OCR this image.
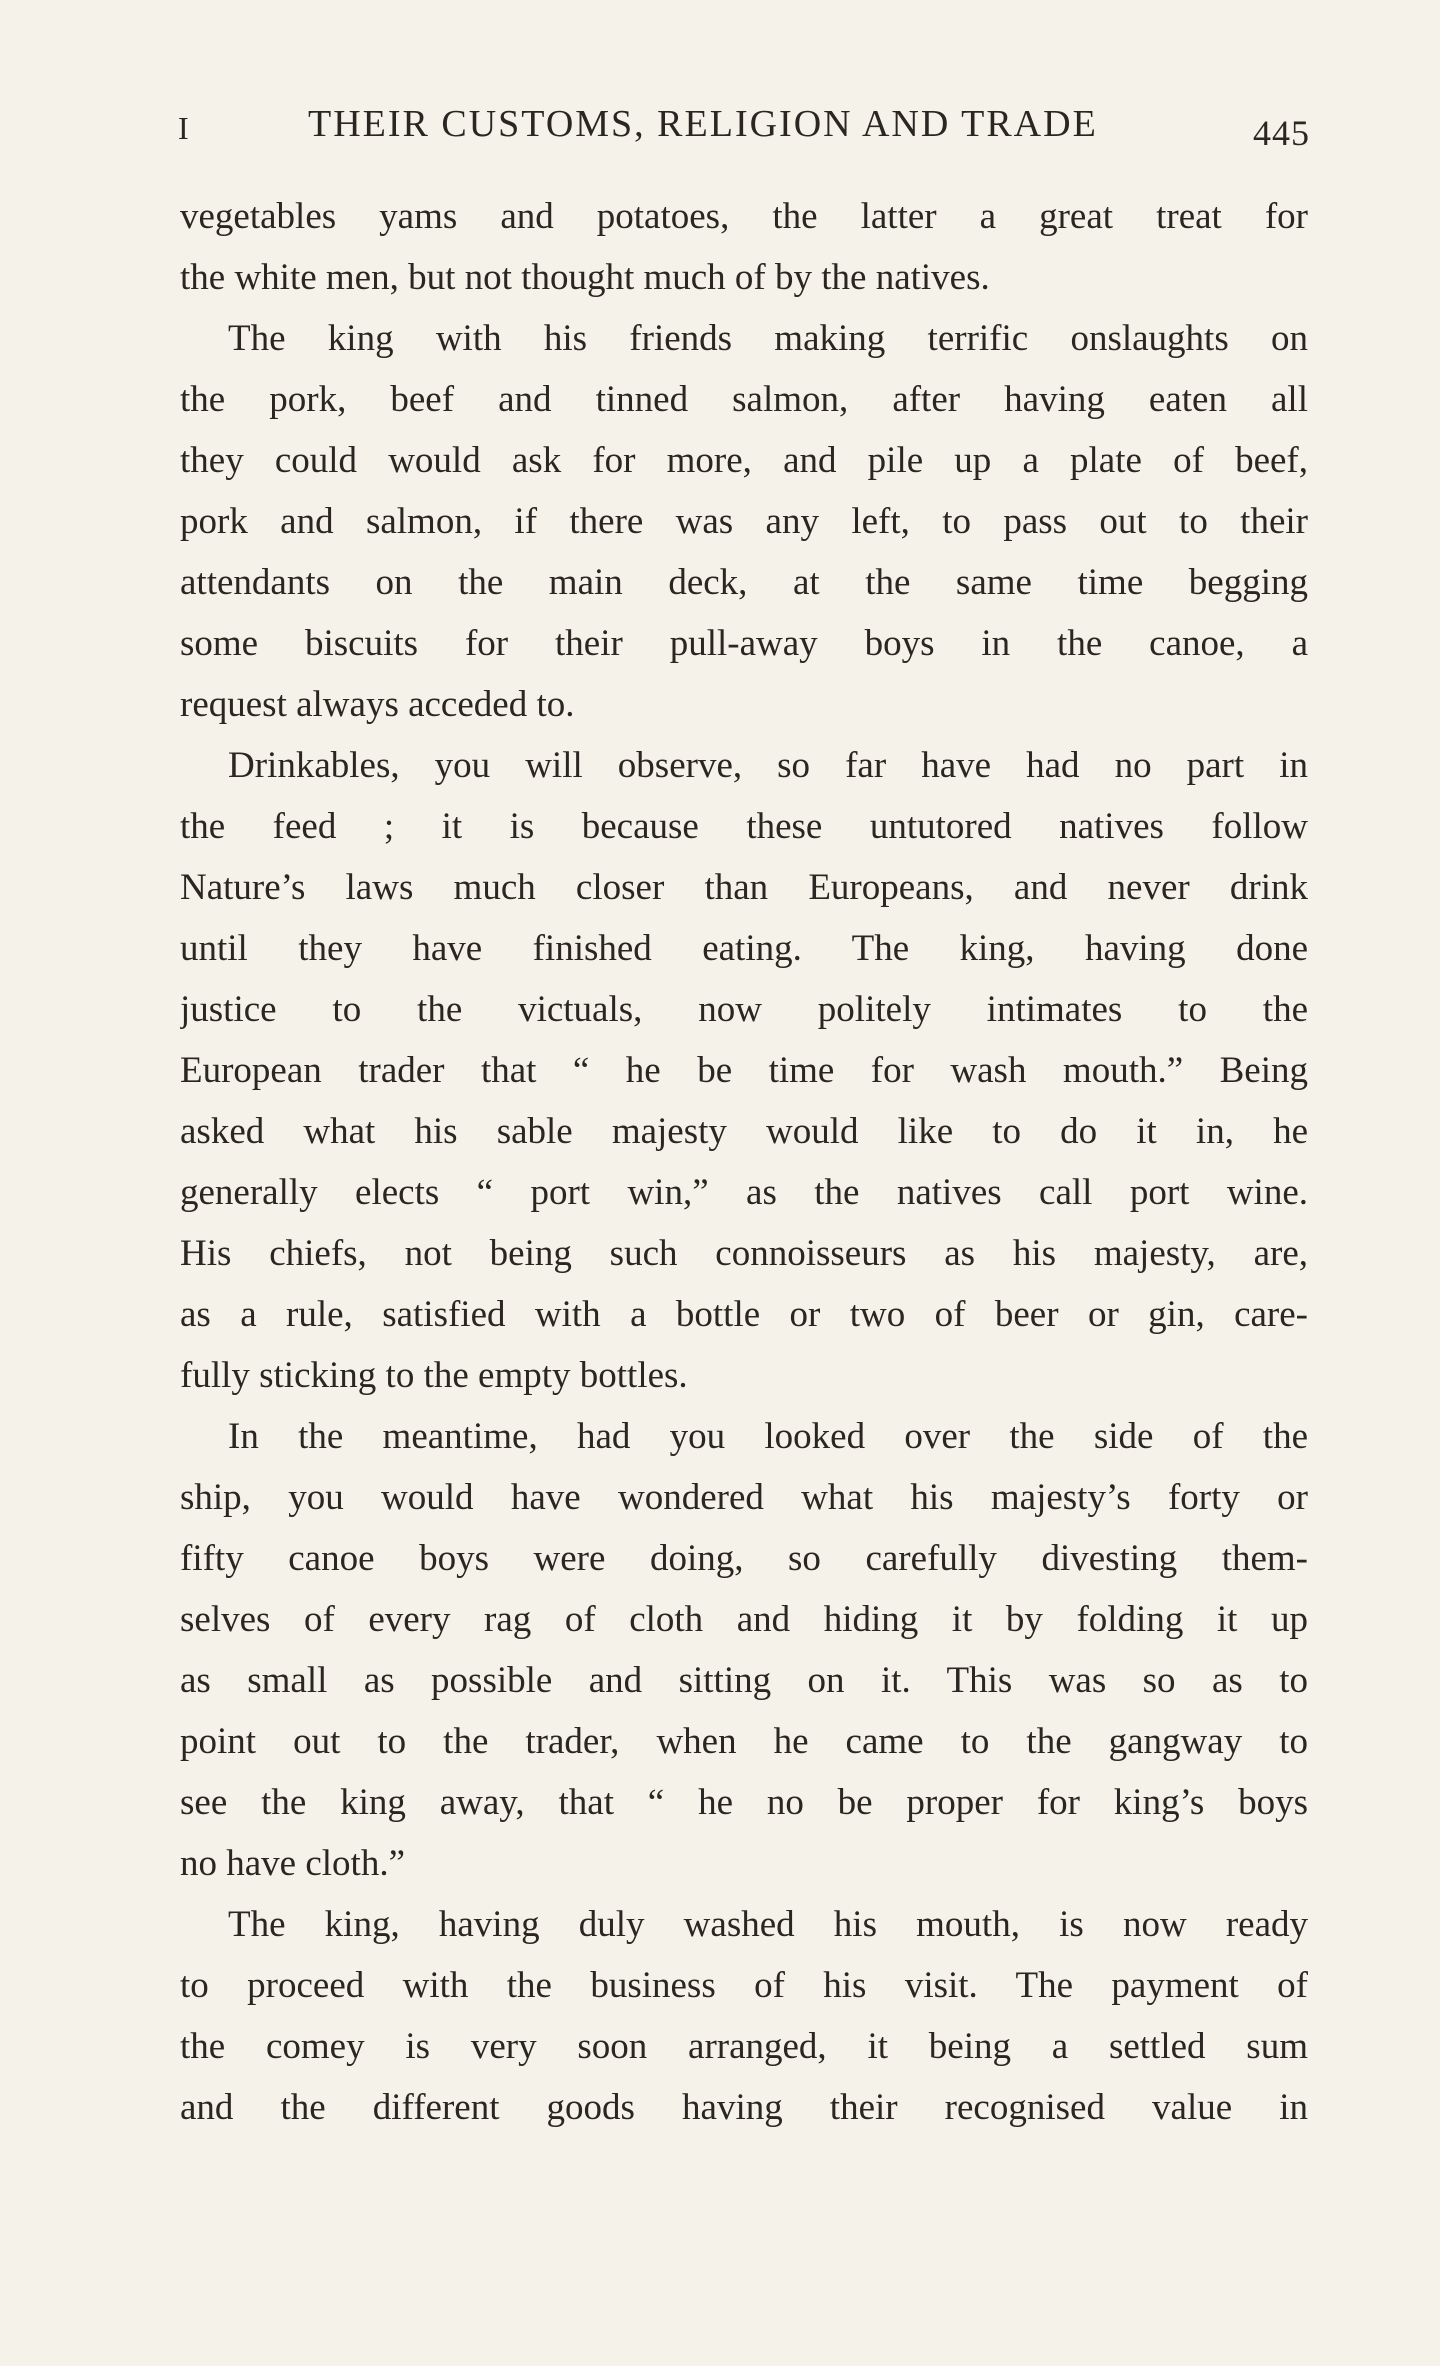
I	THEIR CUSTOMS, RELIGION AND TRADE	445
vegetables yams and potatoes, the latter a great treat for
the white men, but not thought much of by the natives.
The king with his friends making terrific onslaughts on
the pork, beef and tinned salmon, after having eaten all
they could would ask for more, and pile up a plate of beef,
pork and salmon, if there was any left, to pass out to their
attendants on the main deck, at the same time begging
some biscuits for their pull-away boys in the canoe, a
request always acceded to.
Drinkables, you will observe, so far have had no part in
the feed ; it is because these untutored natives follow
Nature’s laws much closer than Europeans, and never drink
until they have finished eating. The king, having done
justice to the victuals, now politely intimates to the
European trader that “ he be time for wash mouth.” Being
asked what his sable majesty would like to do it in, he
generally elects “ port win,” as the natives call port wine.
His chiefs, not being such connoisseurs as his majesty, are,
as a rule, satisfied with a bottle or two of beer or gin, care-
fully sticking to the empty bottles.
In the meantime, had you looked over the side of the
ship, you would have wondered what his majesty’s forty or
fifty canoe boys were doing, so carefully divesting them-
selves of every rag of cloth and hiding it by folding it up
as small as possible and sitting on it. This was so as to
point out to the trader, when he came to the gangway to
see the king away, that “ he no be proper for king’s boys
no have cloth.”
The king, having duly washed his mouth, is now ready
to proceed with the business of his visit. The payment of
the comey is very soon arranged, it being a settled sum
and the different goods having their recognised value in
